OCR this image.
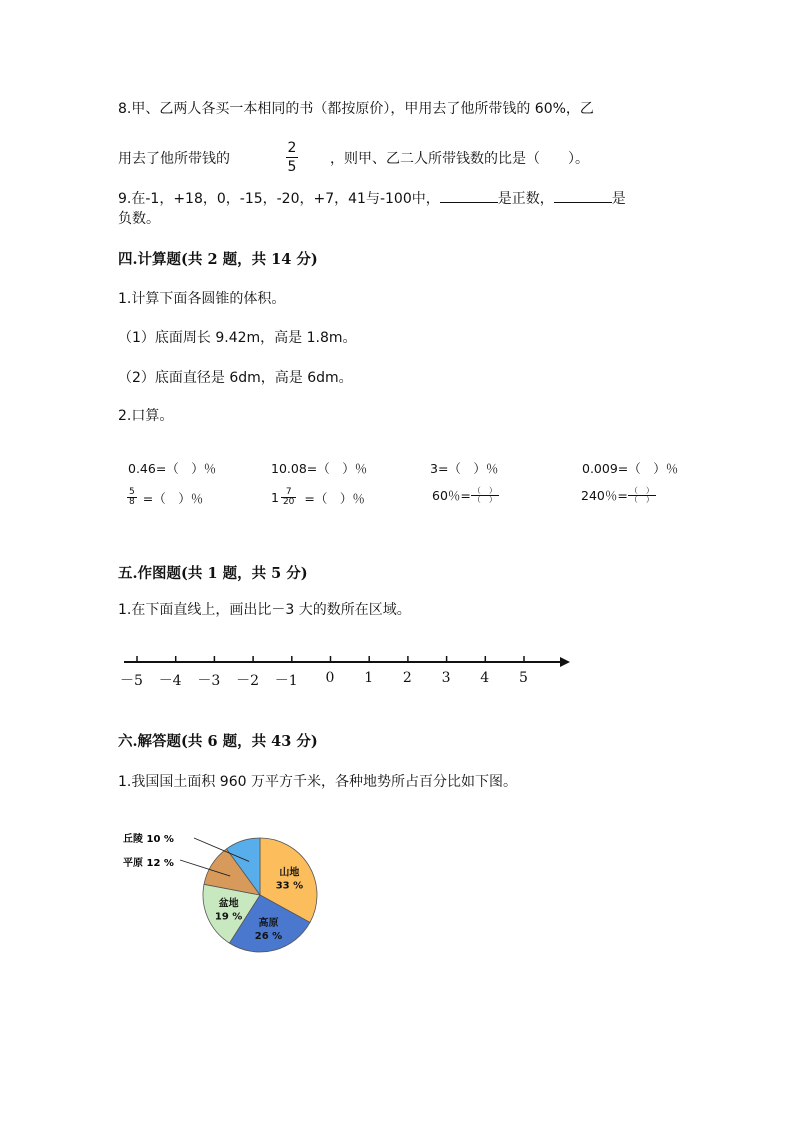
8.甲、乙两人各买一本相同的书（都按原价），甲用去了他所带钱的 60%，乙
用去了他所带钱的
2
5 ，则甲、乙二人所带钱数的比是（　　）。
9.在-1，+18，0，-15，-20，+7，41与-100中，	是正数，	是
负数。
四.计算题(共 2 题，共 14 分)
1.计算下面各圆锥的体积。
（1）底面周长 9.42m，高是 1.8m。
（2）底面直径是 6dm，高是 6dm。
2.口算。
0.46=（　）％	10.08=（　）％	3=（　）％	0.009=（　）％
$\frac{5}{8}$ =（　）％	$1 \frac{7}{20}$ =（　）％	60％= $\frac{( )}{( )}$	240％= $\frac{( )}{( )}$
五.作图题(共 1 题，共 5 分)
1.在下面直线上，画出比－3 大的数所在区域。
－5 －4 －3 －2 －1 0 1 2 3 4 5
六.解答题(共 6 题，共 43 分)
1.我国国土面积 960 万平方千米，各种地势所占百分比如下图。
丘陵 10 %
平原 12 %
山地
33 %
高原
26 %
盆地
19 %
